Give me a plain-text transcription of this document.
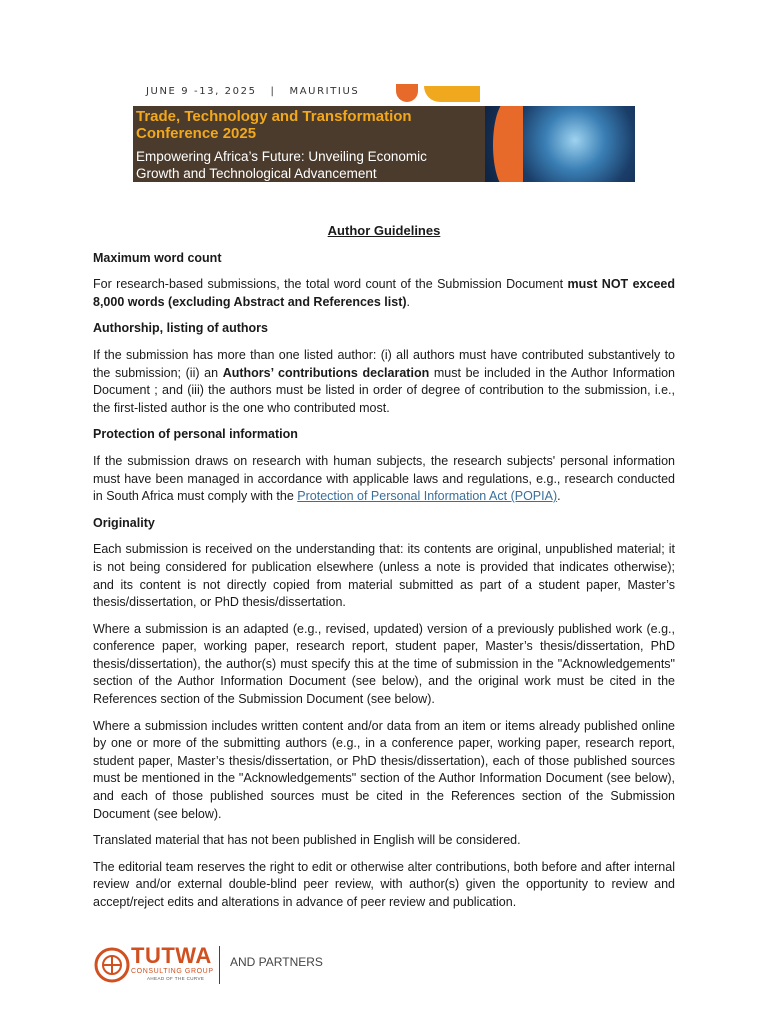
JUNE 9 -13, 2025 | MAURITIUS
Trade, Technology and Transformation
Conference 2025
Empowering Africa’s Future: Unveiling Economic
Growth and Technological Advancement
Author Guidelines
Maximum word count
For research-based submissions, the total word count of the Submission Document must NOT exceed 8,000 words (excluding Abstract and References list).
Authorship, listing of authors
If the submission has more than one listed author: (i) all authors must have contributed substantively to the submission; (ii) an Authors’ contributions declaration must be included in the Author Information Document ; and (iii) the authors must be listed in order of degree of contribution to the submission, i.e., the first-listed author is the one who contributed most.
Protection of personal information
If the submission draws on research with human subjects, the research subjects' personal information must have been managed in accordance with applicable laws and regulations, e.g., research conducted in South Africa must comply with the Protection of Personal Information Act (POPIA).
Originality
Each submission is received on the understanding that: its contents are original, unpublished material; it is not being considered for publication elsewhere (unless a note is provided that indicates otherwise); and its content is not directly copied from material submitted as part of a student paper, Master’s thesis/dissertation, or PhD thesis/dissertation.
Where a submission is an adapted (e.g., revised, updated) version of a previously published work (e.g., conference paper, working paper, research report, student paper, Master’s thesis/dissertation, PhD thesis/dissertation), the author(s) must specify this at the time of submission in the "Acknowledgements" section of the Author Information Document (see below), and the original work must be cited in the References section of the Submission Document (see below).
Where a submission includes written content and/or data from an item or items already published online by one or more of the submitting authors (e.g., in a conference paper, working paper, research report, student paper, Master’s thesis/dissertation, or PhD thesis/dissertation), each of those published sources must be mentioned in the "Acknowledgements" section of the Author Information Document (see below), and each of those published sources must be cited in the References section of the Submission Document (see below).
Translated material that has not been published in English will be considered.
The editorial team reserves the right to edit or otherwise alter contributions, both before and after internal review and/or external double-blind peer review, with author(s) given the opportunity to review and accept/reject edits and alterations in advance of peer review and publication.
TUTWA
CONSULTING GROUP
AHEAD OF THE CURVE
AND PARTNERS
